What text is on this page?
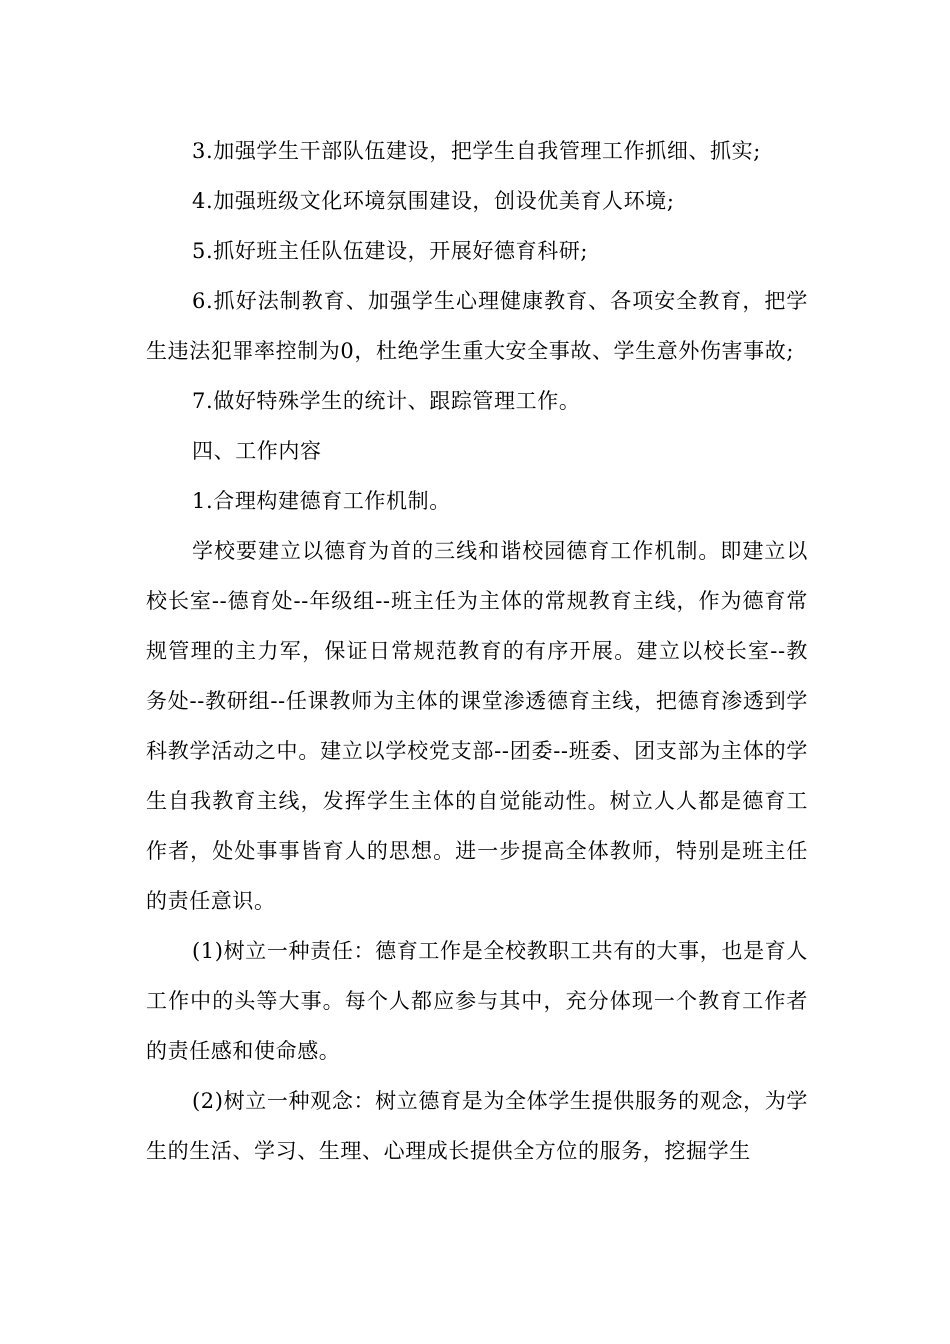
3.加强学生干部队伍建设，把学生自我管理工作抓细、抓实;

4.加强班级文化环境氛围建设，创设优美育人环境;

5.抓好班主任队伍建设，开展好德育科研;

6.抓好法制教育、加强学生心理健康教育、各项安全教育，把学生违法犯罪率控制为0，杜绝学生重大安全事故、学生意外伤害事故;

7.做好特殊学生的统计、跟踪管理工作。

四、工作内容

1.合理构建德育工作机制。

学校要建立以德育为首的三线和谐校园德育工作机制。即建立以校长室--德育处--年级组--班主任为主体的常规教育主线，作为德育常规管理的主力军，保证日常规范教育的有序开展。建立以校长室--教务处--教研组--任课教师为主体的课堂渗透德育主线，把德育渗透到学科教学活动之中。建立以学校党支部--团委--班委、团支部为主体的学生自我教育主线，发挥学生主体的自觉能动性。树立人人都是德育工作者，处处事事皆育人的思想。进一步提高全体教师，特别是班主任的责任意识。

(1)树立一种责任：德育工作是全校教职工共有的大事，也是育人工作中的头等大事。每个人都应参与其中，充分体现一个教育工作者的责任感和使命感。

(2)树立一种观念：树立德育是为全体学生提供服务的观念，为学生的生活、学习、生理、心理成长提供全方位的服务，挖掘学生
